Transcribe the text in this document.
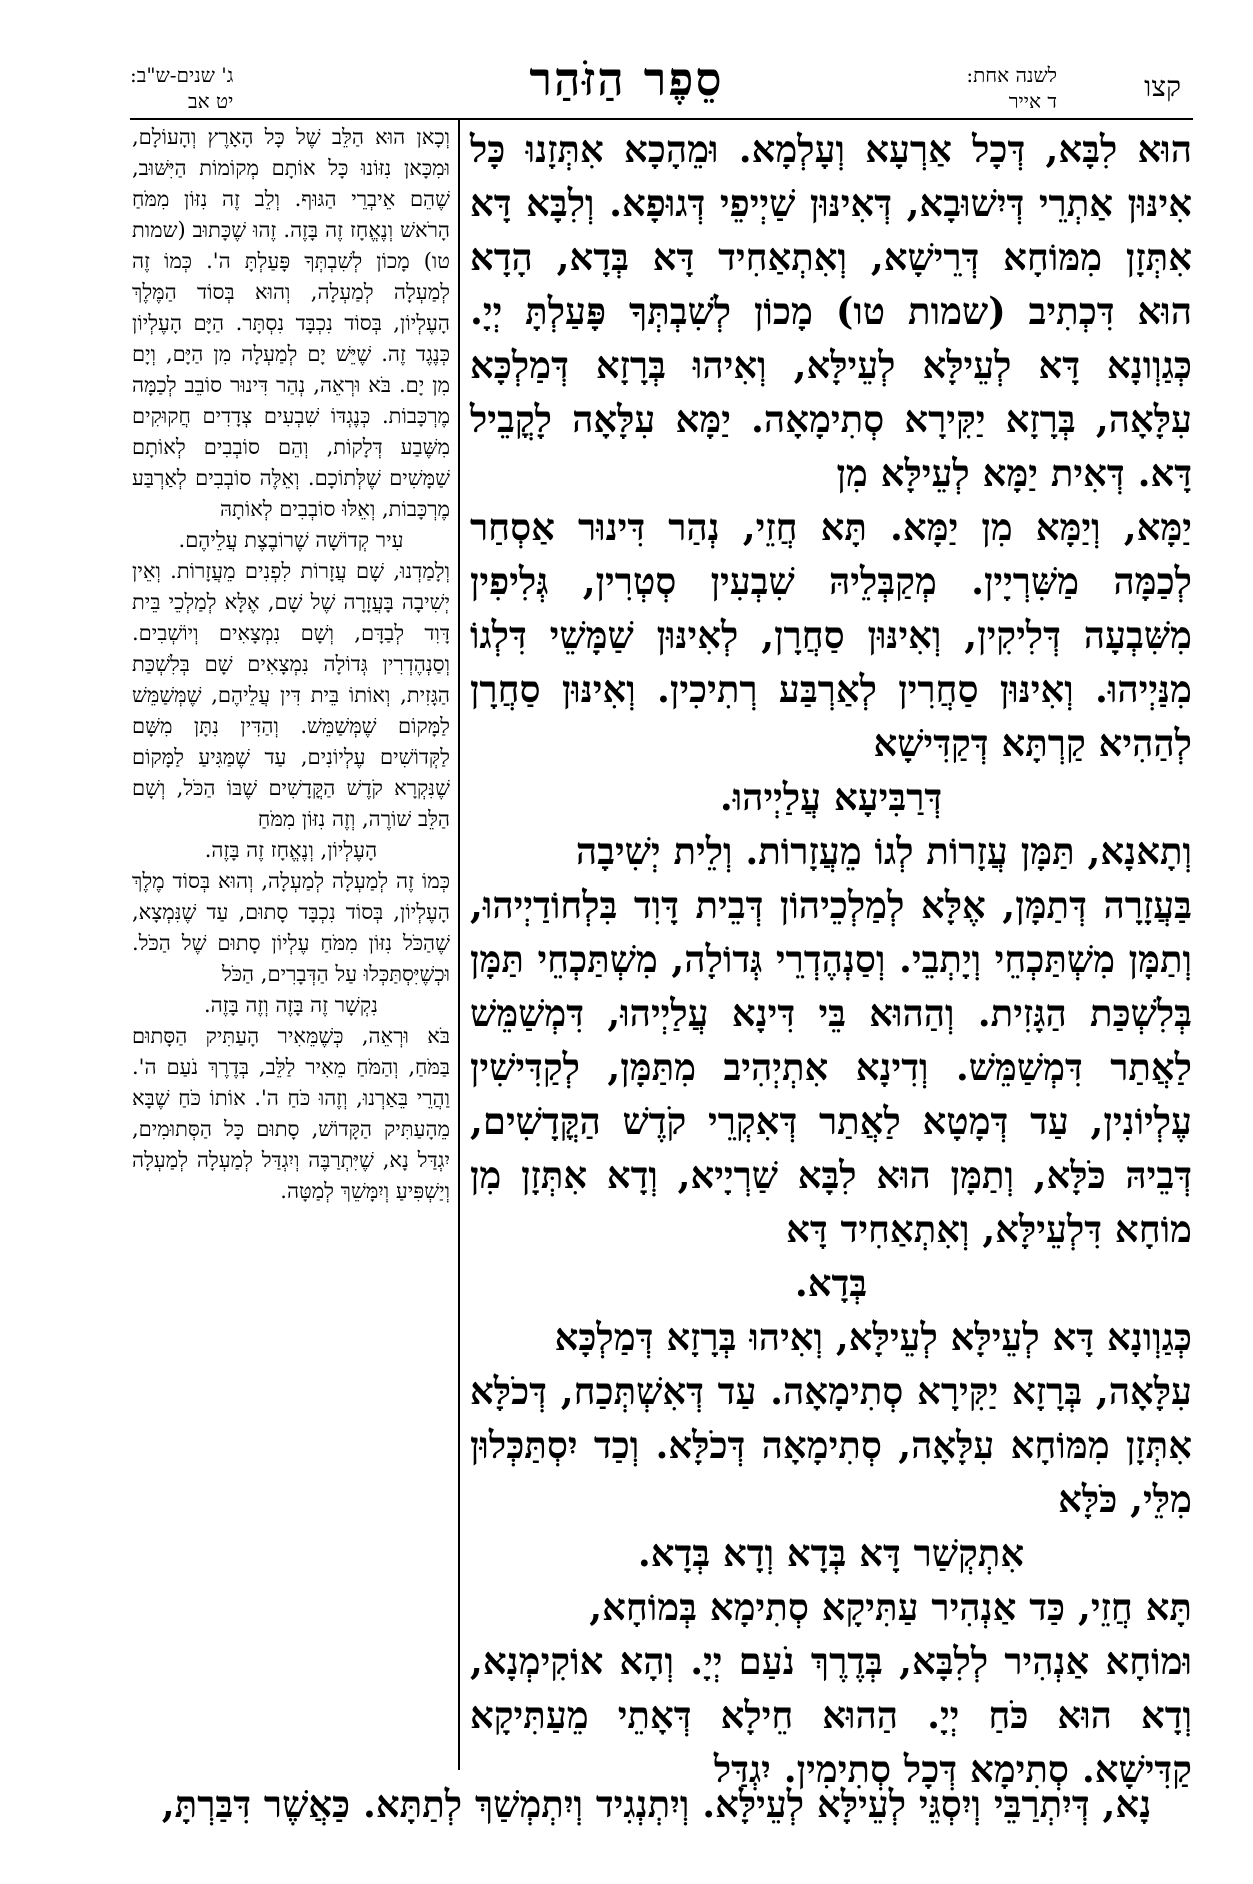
קצו
לשנה אחת:
ד אייר
סֵפֶר הַזֹּהַר
ג' שנים-ש"ב:
יט אב

הוּא לִבָּא, דְּכָל אַרְעָא וְעָלְמָא. וּמֵהָכָא אִתְּזָנוּ כָּל אִינּוּן אַתְרֵי דְּיִשׁוּבָא, דְּאִינּוּן שַׁיְיפֵי דְּגוּפָא. וְלִבָּא דָּא אִתְּזָן מִמּוֹחָא דְּרֵישָׁא, וְאִתְאַחִיד דָּא בְּדָא, הָדָא הוּא דִּכְתִיב (שמות טו) מָכוֹן לְשִׁבְתְּךָ פָּעַלְתָּ יְיָ. כְּגַוְונָא דָּא לְעֵילָּא לְעֵילָּא, וְאִיהוּ בְּרָזָא דְּמַלְכָּא עִלָּאָה, בְּרָזָא יַקִּירָא סְתִימָאָה. יַמָּא עִלָּאָה לָקֳבֵיל דָּא. דְּאִית יַמָּא לְעֵילָּא מִן

יַמָּא, וְיַמָּא מִן יַמָּא. תָּא חֲזֵי, נְהַר דִּינוּר אַסְחַר לְכַמָּה מַשִּׁרְיָין. מְקַבְּלֵיהּ שִׁבְעִין סְטְרִין, גְּלִיפִין מִשִּׁבְעָה דְּלִיקִין, וְאִינּוּן סַחֲרָן, לְאִינּוּן שַׁמָּשֵׁי דִּלְגוֹ מִנַּיְיהוּ. וְאִינּוּן סַחֲרִין לְאַרְבַּע רְתִיכִין. וְאִינּוּן סַחֲרָן לְהַהִיא קַרְתָּא דְּקַדִּישָׁא

דְּרַבִּיעָא עֲלַיְיהוּ.

וְתָאנָא, תַּמָּן עֲזָרוֹת לְגוֹ מֵעֲזָרוֹת. וְלֵית יְשִׁיבָה

בַּעֲזָרָה דְּתַמָּן, אֶלָּא לְמַלְכֵיהוֹן דְּבֵית דָּוִד בִּלְחוֹדַיְיהוּ, וְתַמָּן מִשְׁתַּכְחֵי וְיָתְבֵי. וְסַנְהֶדְרֵי גְּדוֹלָה, מִשְׁתַּכְחֵי תַּמָּן בְּלִשְׁכַּת הַגָּזִית. וְהַהוּא בֵּי דִּינָא עֲלַיְיהוּ, דִּמְשַׁמֵּשׁ לַאֲתַר דִּמְשַׁמֵּשׁ. וְדִינָא אִתְיְהִיב מִתַּמָּן, לְקַדִּישִׁין עֶלְיוֹנִין, עַד דְּמָטָא לַאֲתַר דְּאִקְרֵי קֹדֶשׁ הַקֳּדָשִׁים, דְּבֵיהּ כֹּלָּא, וְתַמָּן הוּא לִבָּא שַׁרְיָיא, וְדָא אִתְּזָן מִן מוֹחָא דִּלְעֵילָּא, וְאִתְאַחִיד דָּא

בְּדָא.

כְּגַוְונָא דָּא לְעֵילָּא לְעֵילָּא, וְאִיהוּ בְּרָזָא דְּמַלְכָּא

עִלָּאָה, בְּרָזָא יַקִּירָא סְתִימָאָה. עַד דְּאִשְׁתְּכַח, דְּכֹלָּא אִתְּזָן מִמּוֹחָא עִלָּאָה, סְתִימָאָה דְּכֹלָּא. וְכַד יִסְתַּכְּלוּן מִלֵּי, כֹּלָּא

אִתְקְשַׁר דָּא בְּדָא וְדָא בְּדָא.

תָּא חֲזֵי, כַּד אַנְהִיר עַתִּיקָא סְתִימָא בְּמוֹחָא,

וּמוֹחָא אַנְהִיר לְלִבָּא, בְּדֶרֶךְ נֹעַם יְיָ. וְהָא אוֹקִימְנָא, וְדָא הוּא כֹּחַ יְיָ. הַהוּא חֵילָא דְּאָתֵי מֵעַתִּיקָא קַדִּישָׁא. סְתִימָא דְּכָל סְתִימִין. יִגְדַּל

וְכָאן הוּא הַלֵּב שֶׁל כָּל הָאָרֶץ וְהָעוֹלָם, וּמִכָּאן נִזּוֹנוּ כָּל אוֹתָם מְקוֹמוֹת הַיִּשּׁוּב, שֶׁהֵם אֵיבְרֵי הַגּוּף. וְלֵב זֶה נִזּוֹן מִמֹּחַ הָרֹאשׁ וְנֶאֱחָז זֶה בָּזֶה. זֶהוּ שֶׁכָּתוּב (שמות טו) מָכוֹן לְשִׁבְתְּךָ פָּעַלְתָּ ה'. כְּמוֹ זֶה לְמַעְלָה לְמַעְלָה, וְהוּא בְּסוֹד הַמֶּלֶךְ הָעֶלְיוֹן, בְּסוֹד נִכְבָּד נִסְתָּר. הַיָּם הָעֶלְיוֹן כְּנֶגֶד זֶה. שֶׁיֵּשׁ יָם לְמַעְלָה מִן הַיָּם, וְיָם מִן יָם. בֹּא וּרְאֵה, נְהַר דִּינוּר סוֹבֵב לְכַמָּה מֶרְכָּבוֹת. כְּנֶגְדּוֹ שִׁבְעִים צְדָדִים חֲקוּקִים מִשֶּׁבַע דְּלָקוֹת, וְהֵם סוֹבְבִים לְאוֹתָם שַׁמָּשִׁים שֶׁלְּתוֹכָם. וְאֵלֶּה סוֹבְבִים לְאַרְבַּע מֶרְכָּבוֹת, וְאֵלּוּ סוֹבְבִים לְאוֹתָהּ

עִיר קְדוֹשָׁה שֶׁרוֹבֶצֶת עֲלֵיהֶם.

וְלָמַדְנוּ, שָׁם עֲזָרוֹת לִפְנִים מֵעֲזָרוֹת. וְאֵין יְשִׁיבָה בָּעֲזָרָה שֶׁל שָׁם, אֶלָּא לְמַלְכֵי בֵּית דָּוִד לְבַדָּם, וְשָׁם נִמְצָאִים וְיוֹשְׁבִים. וְסַנְהֶדְרִין גְּדוֹלָה נִמְצָאִים שָׁם בְּלִשְׁכַּת הַגָּזִית, וְאוֹתוֹ בֵּית דִּין עֲלֵיהֶם, שֶׁמְּשַׁמֵּשׁ לַמָּקוֹם שֶׁמְּשַׁמֵּשׁ. וְהַדִּין נִתָּן מִשָּׁם לַקְּדוֹשִׁים עֶלְיוֹנִים, עַד שֶׁמַּגִּיעַ לַמָּקוֹם שֶׁנִּקְרָא קֹדֶשׁ הַקֳּדָשִׁים שֶׁבּוֹ הַכֹּל, וְשָׁם הַלֵּב שׁוֹרֶה, וְזֶה נִזּוֹן מִמֹּחַ

הָעֶלְיוֹן, וְנֶאֱחָז זֶה בָּזֶה.

כְּמוֹ זֶה לְמַעְלָה לְמַעְלָה, וְהוּא בְּסוֹד מֶלֶךְ הָעֶלְיוֹן, בְּסוֹד נִכְבָּד סָתוּם, עַד שֶׁנִּמְצָא, שֶׁהַכֹּל נִזּוֹן מִמֹּחַ עֶלְיוֹן סָתוּם שֶׁל הַכֹּל. וּכְשֶׁיִּסְתַּכְּלוּ עַל הַדְּבָרִים, הַכֹּל

נִקְשָׁר זֶה בָּזֶה וְזֶה בָּזֶה.

בֹּא וּרְאֵה, כְּשֶׁמֵּאִיר הָעַתִּיק הַסָּתוּם בַּמֹּחַ, וְהַמֹּחַ מֵאִיר לַלֵּב, בְּדֶרֶךְ נֹעַם ה'. וַהֲרֵי בֵּאַרְנוּ, וְזֶהוּ כֹּחַ ה'. אוֹתוֹ כֹּחַ שֶׁבָּא מֵהָעַתִּיק הַקָּדוֹשׁ, סָתוּם כָּל הַסְּתוּמִים, יִגְדַּל נָא, שֶׁיִּתְרַבֶּה וְיִגְדַּל לְמַעְלָה לְמַעְלָה וְיַשְׁפִּיעַ וְיִמָּשֵׁךְ לְמַטָּה.

נָא, דְּיִתְרַבֵּי וְיִסְגֵּי לְעֵילָּא לְעֵילָּא. וְיִתְנְגִיד וְיִתְמְשַׁךְ לְתַתָּא. כַּאֲשֶׁר דִּבַּרְתָּ,
